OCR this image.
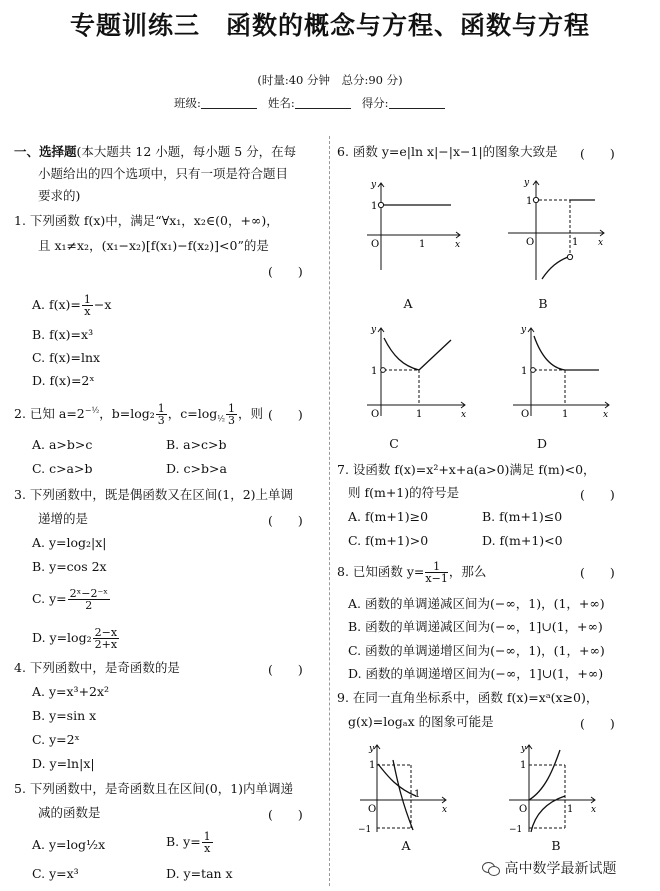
专题训练三　函数的概念与方程、函数与方程
(时量:40 分钟　总分:90 分)
班级:	姓名:	得分:
一、选择题(本大题共 12 小题，每小题 5 分，在每
小题给出的四个选项中，只有一项是符合题目
要求的)
1. 下列函数 f(x)中，满足“∀x₁，x₂∈(0，+∞)，
且 x₁≠x₂，(x₁−x₂)[f(x₁)−f(x₂)]<0”的是
(　　)
A. $f(x)= \frac{1}{x} -x$
B. f(x)=x³
C. f(x)=lnx
D. f(x)=2ˣ
2. 已知 $a=2^{-\frac{1}{2}}$，$b=\log_2 \frac{1}{3}$ ，$c=\log_{\frac{1}{2}} \frac{1}{3}$ ，则 (　　)
A. a>b>c	B. a>c>b
C. c>a>b	D. c>b>a
3. 下列函数中，既是偶函数又在区间(1，2)上单调
递增的是	(　　)
A. y=log₂|x|
B. y=cos 2x
C. $y= \frac{\text{2ˣ−2⁻ˣ}}{2}$
D. $y=\log_2 \frac{2-x}{2+x}$
4. 下列函数中，是奇函数的是	(　　)
A. y=x³+2x²
B. y=sin x
C. y=2ˣ
D. y=ln|x|
5. 下列函数中，是奇函数且在区间(0，1)内单调递
减的函数是	(　　)
A. y=log½x	B. $y= \frac{1}{x}$
C. y=x³	D. y=tan x
6. 函数 y=e|ln x|−|x−1|的图象大致是 (　　)
y
x
O
1
1
A
y
x
O
1
1
B
y
x
O
1
1
C
y
x
O
1
1
D
7. 设函数 f(x)=x²+x+a(a>0)满足 f(m)<0，
则 f(m+1)的符号是	(　　)
A. f(m+1)≥0	B. f(m+1)≤0
C. f(m+1)>0	D. f(m+1)<0
8. 已知函数 $y= \frac{1}{x-1}$ ，那么	(　　)
A. 函数的单调递减区间为(−∞，1)，(1，+∞)
B. 函数的单调递减区间为(−∞，1]∪(1，+∞)
C. 函数的单调递增区间为(−∞，1)，(1，+∞)
D. 函数的单调递增区间为(−∞，1]∪(1，+∞)
9. 在同一直角坐标系中，函数 f(x)=xᵃ(x≥0)，
g(x)=logₐx 的图象可能是	(　　)
y
x
O
1
1
−1
A
y
x
O
1
1
−1
B
高中数学最新试题
